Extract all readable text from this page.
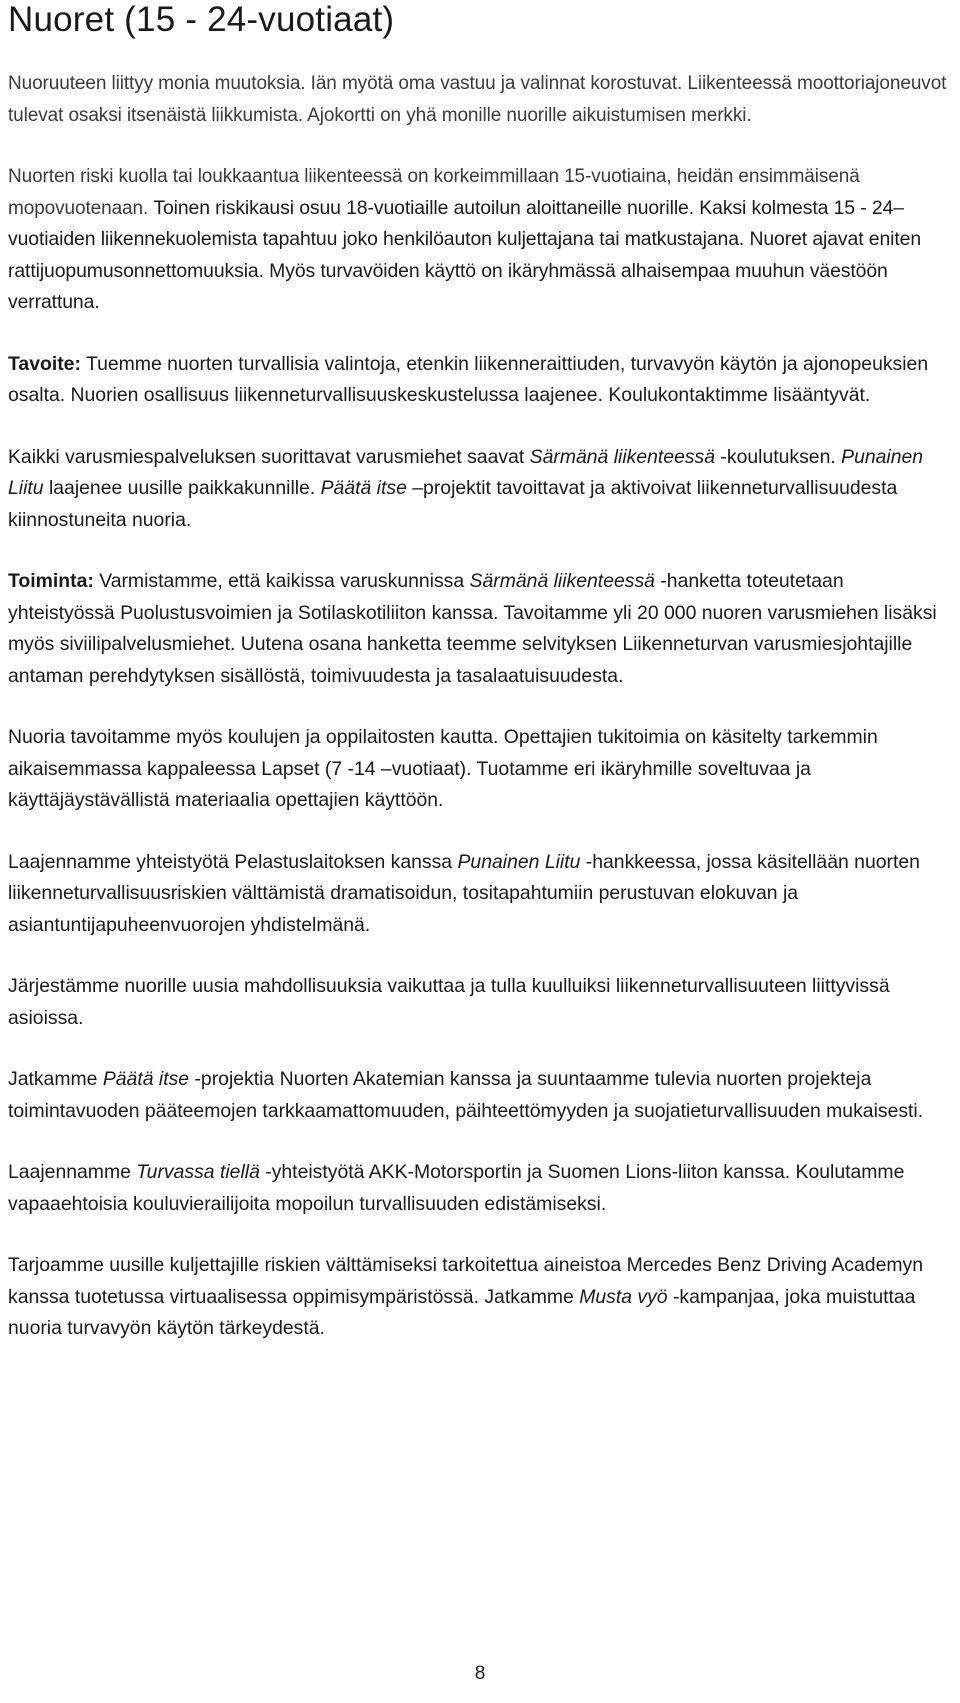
Nuoret (15 - 24-vuotiaat)

Nuoruuteen liittyy monia muutoksia. Iän myötä oma vastuu ja valinnat korostuvat. Liikenteessä moottoriajoneuvot tulevat osaksi itsenäistä liikkumista. Ajokortti on yhä monille nuorille aikuistumisen merkki.

Nuorten riski kuolla tai loukkaantua liikenteessä on korkeimmillaan 15-vuotiaina, heidän ensimmäisenä mopovuotenaan. Toinen riskikausi osuu 18-vuotiaille autoilun aloittaneille nuorille. Kaksi kolmesta 15 - 24–vuotiaiden liikennekuolemista tapahtuu joko henkilöauton kuljettajana tai matkustajana. Nuoret ajavat eniten rattijuopumusonnettomuuksia. Myös turvavöiden käyttö on ikäryhmässä alhaisempaa muuhun väestöön verrattuna.

Tavoite: Tuemme nuorten turvallisia valintoja, etenkin liikenneraittiuden, turvavyön käytön ja ajonopeuksien osalta. Nuorien osallisuus liikenneturvallisuuskeskustelussa laajenee. Koulukontaktimme lisääntyvät.

Kaikki varusmiespalveluksen suorittavat varusmiehet saavat Särmänä liikenteessä -koulutuksen. Punainen Liitu laajenee uusille paikkakunnille. Päätä itse –projektit tavoittavat ja aktivoivat liikenneturvallisuudesta kiinnostuneita nuoria.

Toiminta: Varmistamme, että kaikissa varuskunnissa Särmänä liikenteessä -hanketta toteutetaan yhteistyössä Puolustusvoimien ja Sotilaskotiliiton kanssa. Tavoitamme yli 20 000 nuoren varusmiehen lisäksi myös siviilipalvelusmiehet. Uutena osana hanketta teemme selvityksen Liikenneturvan varusmiesjohtajille antaman perehdytyksen sisällöstä, toimivuudesta ja tasalaatuisuudesta.

Nuoria tavoitamme myös koulujen ja oppilaitosten kautta. Opettajien tukitoimia on käsitelty tarkemmin aikaisemmassa kappaleessa Lapset (7 -14 –vuotiaat). Tuotamme eri ikäryhmille soveltuvaa ja käyttäjäystävällistä materiaalia opettajien käyttöön.

Laajennamme yhteistyötä Pelastuslaitoksen kanssa Punainen Liitu -hankkeessa, jossa käsitellään nuorten liikenneturvallisuusriskien välttämistä dramatisoidun, tositapahtumiin perustuvan elokuvan ja asiantuntijapuheenvuorojen yhdistelmänä.

Järjestämme nuorille uusia mahdollisuuksia vaikuttaa ja tulla kuulluiksi liikenneturvallisuuteen liittyvissä asioissa.

Jatkamme Päätä itse -projektia Nuorten Akatemian kanssa ja suuntaamme tulevia nuorten projekteja toimintavuoden pääteemojen tarkkaamattomuuden, päihteettömyyden ja suojatieturvallisuuden mukaisesti.

Laajennamme Turvassa tiellä -yhteistyötä AKK-Motorsportin ja Suomen Lions-liiton kanssa. Koulutamme vapaaehtoisia kouluvierailijoita mopoilun turvallisuuden edistämiseksi.

Tarjoamme uusille kuljettajille riskien välttämiseksi tarkoitettua aineistoa Mercedes Benz Driving Academyn kanssa tuotetussa virtuaalisessa oppimisympäristössä. Jatkamme Musta vyö -kampanjaa, joka muistuttaa nuoria turvavyön käytön tärkeydestä.

8
